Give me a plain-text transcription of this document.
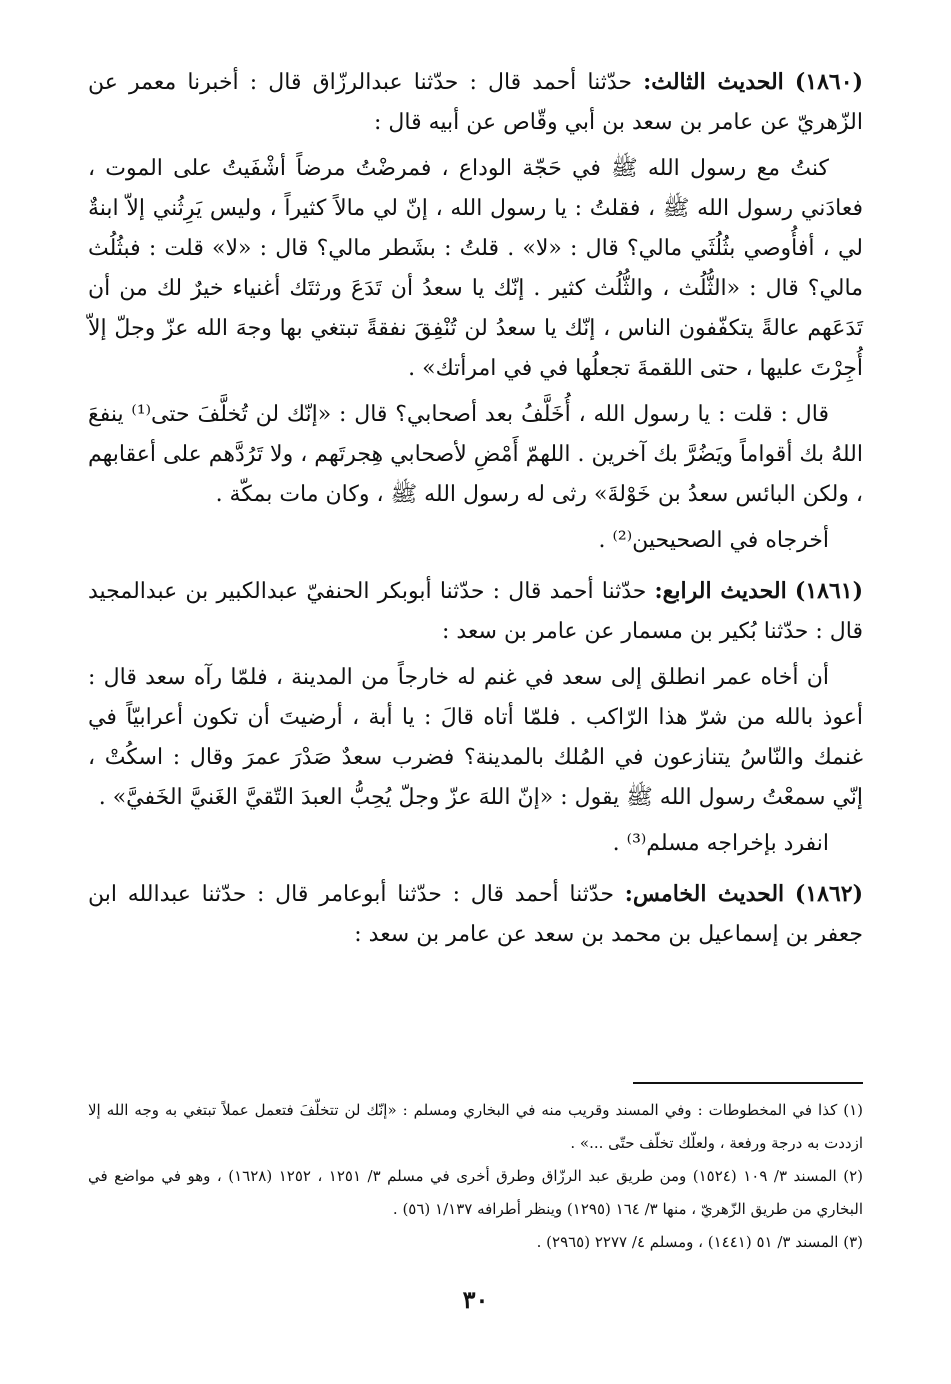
(١٨٦٠) الحديث الثالث: حدّثنا أحمد قال : حدّثنا عبدالرزّاق قال : أخبرنا معمر عن الزّهريّ عن عامر بن سعد بن أبي وقّاص عن أبيه قال :
كنتُ مع رسول الله ﷺ في حَجّة الوداع ، فمرضْتُ مرضاً أشْفَيتُ على الموت ، فعادَني رسول الله ﷺ ، فقلتُ : يا رسول الله ، إنّ لي مالاً كثيراً ، وليس يَرِثُني إلاّ ابنةٌ لي ، أفأُوصي بثُلُثَي مالي؟ قال : «لا» . قلتُ : بشَطر مالي؟ قال : «لا» قلت : فبثُلُث مالي؟ قال : «الثُّلُث ، والثُّلُث كثير . إنّك يا سعدُ أن تَدَعَ ورثتَك أغنياء خيرٌ لك من أن تَدَعَهم عالةً يتكفّفون الناس ، إنّك يا سعدُ لن تُنْفِقَ نفقةً تبتغي بها وجهَ الله عزّ وجلّ إلاّ أُجِرْتَ عليها ، حتى اللقمةَ تجعلُها في في امرأتك» .
قال : قلت : يا رسول الله ، أُخَلَّفُ بعد أصحابي؟ قال : «إنّك لن تُخلَّفَ حتى⁽¹⁾ ينفعَ اللهُ بك أقواماً ويَضُرَّ بك آخرين . اللهمّ أَمْضِ لأصحابي هِجرتَهم ، ولا تَرُدَّهم على أعقابهم ، ولكن البائس سعدُ بن خَوْلةَ» رثى له رسول الله ﷺ ، وكان مات بمكّة .
أخرجاه في الصحيحين⁽²⁾ .
(١٨٦١) الحديث الرابع: حدّثنا أحمد قال : حدّثنا أبوبكر الحنفيّ عبدالكبير بن عبدالمجيد قال : حدّثنا بُكير بن مسمار عن عامر بن سعد :
أن أخاه عمر انطلق إلى سعد في غنم له خارجاً من المدينة ، فلمّا رآه سعد قال : أعوذ بالله من شرّ هذا الرّاكب . فلمّا أتاه قالَ : يا أبة ، أرضيتَ أن تكون أعرابيّاً في غنمك والنّاسُ يتنازعون في المُلك بالمدينة؟ فضرب سعدٌ صَدْرَ عمرَ وقال : اسكُتْ ، إنّي سمعْتُ رسول الله ﷺ يقول : «إنّ اللهَ عزّ وجلّ يُحِبُّ العبدَ التّقيَّ الغَنيَّ الخَفيَّ» .
انفرد بإخراجه مسلم⁽³⁾ .
(١٨٦٢) الحديث الخامس: حدّثنا أحمد قال : حدّثنا أبوعامر قال : حدّثنا عبدالله ابن جعفر بن إسماعيل بن محمد بن سعد عن عامر بن سعد :
(١) كذا في المخطوطات : وفي المسند وقريب منه في البخاري ومسلم : «إنّك لن تتخلّفَ فتعمل عملاً تبتغي به وجه الله إلا ازددت به درجة ورفعة ، ولعلّك تخلّف حتّى ...» .
(٢) المسند ٣/ ١٠٩ (١٥٢٤) ومن طريق عبد الرزّاق وطرق أخرى في مسلم ٣/ ١٢٥١ ، ١٢٥٢ (١٦٢٨) ، وهو في مواضع في البخاري من طريق الزّهريّ ، منها ٣/ ١٦٤ (١٢٩٥) وينظر أطرافه ١/١٣٧ (٥٦) .
(٣) المسند ٣/ ٥١ (١٤٤١) ، ومسلم ٤/ ٢٢٧٧ (٢٩٦٥) .
٣٠
